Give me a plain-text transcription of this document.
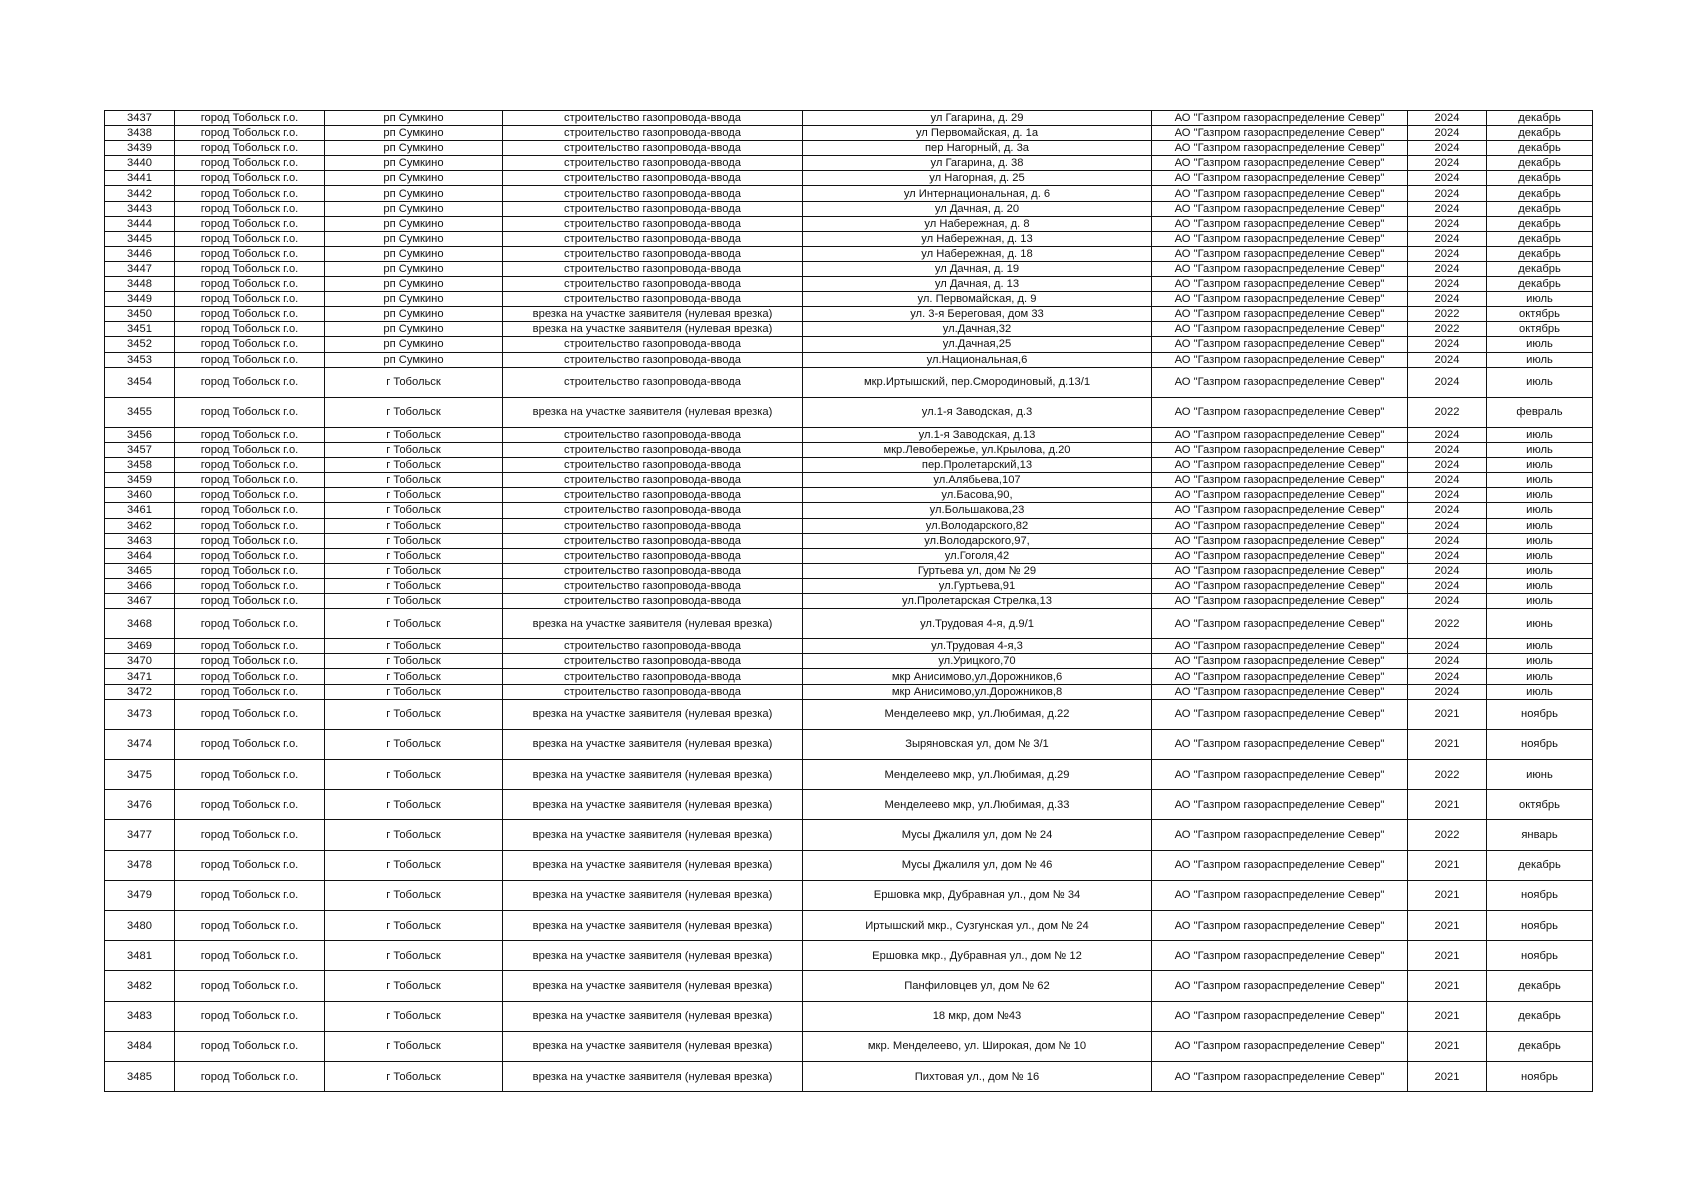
3437	город Тобольск г.о.	рп Сумкино	строительство газопровода-ввода	ул Гагарина, д. 29	АО "Газпром газораспределение Север"	2024	декабрь
3438	город Тобольск г.о.	рп Сумкино	строительство газопровода-ввода	ул Первомайская, д. 1а	АО "Газпром газораспределение Север"	2024	декабрь
3439	город Тобольск г.о.	рп Сумкино	строительство газопровода-ввода	пер Нагорный, д. 3а	АО "Газпром газораспределение Север"	2024	декабрь
3440	город Тобольск г.о.	рп Сумкино	строительство газопровода-ввода	ул Гагарина, д. 38	АО "Газпром газораспределение Север"	2024	декабрь
3441	город Тобольск г.о.	рп Сумкино	строительство газопровода-ввода	ул Нагорная, д. 25	АО "Газпром газораспределение Север"	2024	декабрь
3442	город Тобольск г.о.	рп Сумкино	строительство газопровода-ввода	ул Интернациональная, д. 6	АО "Газпром газораспределение Север"	2024	декабрь
3443	город Тобольск г.о.	рп Сумкино	строительство газопровода-ввода	ул Дачная, д. 20	АО "Газпром газораспределение Север"	2024	декабрь
3444	город Тобольск г.о.	рп Сумкино	строительство газопровода-ввода	ул Набережная, д. 8	АО "Газпром газораспределение Север"	2024	декабрь
3445	город Тобольск г.о.	рп Сумкино	строительство газопровода-ввода	ул Набережная, д. 13	АО "Газпром газораспределение Север"	2024	декабрь
3446	город Тобольск г.о.	рп Сумкино	строительство газопровода-ввода	ул Набережная, д. 18	АО "Газпром газораспределение Север"	2024	декабрь
3447	город Тобольск г.о.	рп Сумкино	строительство газопровода-ввода	ул Дачная, д. 19	АО "Газпром газораспределение Север"	2024	декабрь
3448	город Тобольск г.о.	рп Сумкино	строительство газопровода-ввода	ул Дачная, д. 13	АО "Газпром газораспределение Север"	2024	декабрь
3449	город Тобольск г.о.	рп Сумкино	строительство газопровода-ввода	ул. Первомайская, д. 9	АО "Газпром газораспределение Север"	2024	июль
3450	город Тобольск г.о.	рп Сумкино	врезка на участке заявителя (нулевая врезка)	ул. 3-я Береговая, дом 33	АО "Газпром газораспределение Север"	2022	октябрь
3451	город Тобольск г.о.	рп Сумкино	врезка на участке заявителя (нулевая врезка)	ул.Дачная,32	АО "Газпром газораспределение Север"	2022	октябрь
3452	город Тобольск г.о.	рп Сумкино	строительство газопровода-ввода	ул.Дачная,25	АО "Газпром газораспределение Север"	2024	июль
3453	город Тобольск г.о.	рп Сумкино	строительство газопровода-ввода	ул.Национальная,6	АО "Газпром газораспределение Север"	2024	июль
3454	город Тобольск г.о.	г Тобольск	строительство газопровода-ввода	мкр.Иртышский, пер.Смородиновый, д.13/1	АО "Газпром газораспределение Север"	2024	июль
3455	город Тобольск г.о.	г Тобольск	врезка на участке заявителя (нулевая врезка)	ул.1-я Заводская, д.3	АО "Газпром газораспределение Север"	2022	февраль
3456	город Тобольск г.о.	г Тобольск	строительство газопровода-ввода	ул.1-я Заводская, д.13	АО "Газпром газораспределение Север"	2024	июль
3457	город Тобольск г.о.	г Тобольск	строительство газопровода-ввода	мкр.Левобережье, ул.Крылова, д.20	АО "Газпром газораспределение Север"	2024	июль
3458	город Тобольск г.о.	г Тобольск	строительство газопровода-ввода	пер.Пролетарский,13	АО "Газпром газораспределение Север"	2024	июль
3459	город Тобольск г.о.	г Тобольск	строительство газопровода-ввода	ул.Алябьева,107	АО "Газпром газораспределение Север"	2024	июль
3460	город Тобольск г.о.	г Тобольск	строительство газопровода-ввода	ул.Басова,90,	АО "Газпром газораспределение Север"	2024	июль
3461	город Тобольск г.о.	г Тобольск	строительство газопровода-ввода	ул.Большакова,23	АО "Газпром газораспределение Север"	2024	июль
3462	город Тобольск г.о.	г Тобольск	строительство газопровода-ввода	ул.Володарского,82	АО "Газпром газораспределение Север"	2024	июль
3463	город Тобольск г.о.	г Тобольск	строительство газопровода-ввода	ул.Володарского,97,	АО "Газпром газораспределение Север"	2024	июль
3464	город Тобольск г.о.	г Тобольск	строительство газопровода-ввода	ул.Гоголя,42	АО "Газпром газораспределение Север"	2024	июль
3465	город Тобольск г.о.	г Тобольск	строительство газопровода-ввода	Гуртьева ул, дом № 29	АО "Газпром газораспределение Север"	2024	июль
3466	город Тобольск г.о.	г Тобольск	строительство газопровода-ввода	ул.Гуртьева,91	АО "Газпром газораспределение Север"	2024	июль
3467	город Тобольск г.о.	г Тобольск	строительство газопровода-ввода	ул.Пролетарская Стрелка,13	АО "Газпром газораспределение Север"	2024	июль
3468	город Тобольск г.о.	г Тобольск	врезка на участке заявителя (нулевая врезка)	ул.Трудовая 4-я, д.9/1	АО "Газпром газораспределение Север"	2022	июнь
3469	город Тобольск г.о.	г Тобольск	строительство газопровода-ввода	ул.Трудовая 4-я,3	АО "Газпром газораспределение Север"	2024	июль
3470	город Тобольск г.о.	г Тобольск	строительство газопровода-ввода	ул.Урицкого,70	АО "Газпром газораспределение Север"	2024	июль
3471	город Тобольск г.о.	г Тобольск	строительство газопровода-ввода	мкр Анисимово,ул.Дорожников,6	АО "Газпром газораспределение Север"	2024	июль
3472	город Тобольск г.о.	г Тобольск	строительство газопровода-ввода	мкр Анисимово,ул.Дорожников,8	АО "Газпром газораспределение Север"	2024	июль
3473	город Тобольск г.о.	г Тобольск	врезка на участке заявителя (нулевая врезка)	Менделеево мкр, ул.Любимая, д.22	АО "Газпром газораспределение Север"	2021	ноябрь
3474	город Тобольск г.о.	г Тобольск	врезка на участке заявителя (нулевая врезка)	Зыряновская ул, дом № 3/1	АО "Газпром газораспределение Север"	2021	ноябрь
3475	город Тобольск г.о.	г Тобольск	врезка на участке заявителя (нулевая врезка)	Менделеево мкр, ул.Любимая, д.29	АО "Газпром газораспределение Север"	2022	июнь
3476	город Тобольск г.о.	г Тобольск	врезка на участке заявителя (нулевая врезка)	Менделеево мкр, ул.Любимая, д.33	АО "Газпром газораспределение Север"	2021	октябрь
3477	город Тобольск г.о.	г Тобольск	врезка на участке заявителя (нулевая врезка)	Мусы Джалиля ул, дом № 24	АО "Газпром газораспределение Север"	2022	январь
3478	город Тобольск г.о.	г Тобольск	врезка на участке заявителя (нулевая врезка)	Мусы Джалиля ул, дом № 46	АО "Газпром газораспределение Север"	2021	декабрь
3479	город Тобольск г.о.	г Тобольск	врезка на участке заявителя (нулевая врезка)	Ершовка мкр, Дубравная ул., дом № 34	АО "Газпром газораспределение Север"	2021	ноябрь
3480	город Тобольск г.о.	г Тобольск	врезка на участке заявителя (нулевая врезка)	Иртышский мкр., Сузгунская ул., дом № 24	АО "Газпром газораспределение Север"	2021	ноябрь
3481	город Тобольск г.о.	г Тобольск	врезка на участке заявителя (нулевая врезка)	Ершовка мкр., Дубравная ул., дом № 12	АО "Газпром газораспределение Север"	2021	ноябрь
3482	город Тобольск г.о.	г Тобольск	врезка на участке заявителя (нулевая врезка)	Панфиловцев ул, дом № 62	АО "Газпром газораспределение Север"	2021	декабрь
3483	город Тобольск г.о.	г Тобольск	врезка на участке заявителя (нулевая врезка)	18 мкр, дом №43	АО "Газпром газораспределение Север"	2021	декабрь
3484	город Тобольск г.о.	г Тобольск	врезка на участке заявителя (нулевая врезка)	мкр. Менделеево, ул. Широкая, дом № 10	АО "Газпром газораспределение Север"	2021	декабрь
3485	город Тобольск г.о.	г Тобольск	врезка на участке заявителя (нулевая врезка)	Пихтовая ул., дом № 16	АО "Газпром газораспределение Север"	2021	ноябрь
